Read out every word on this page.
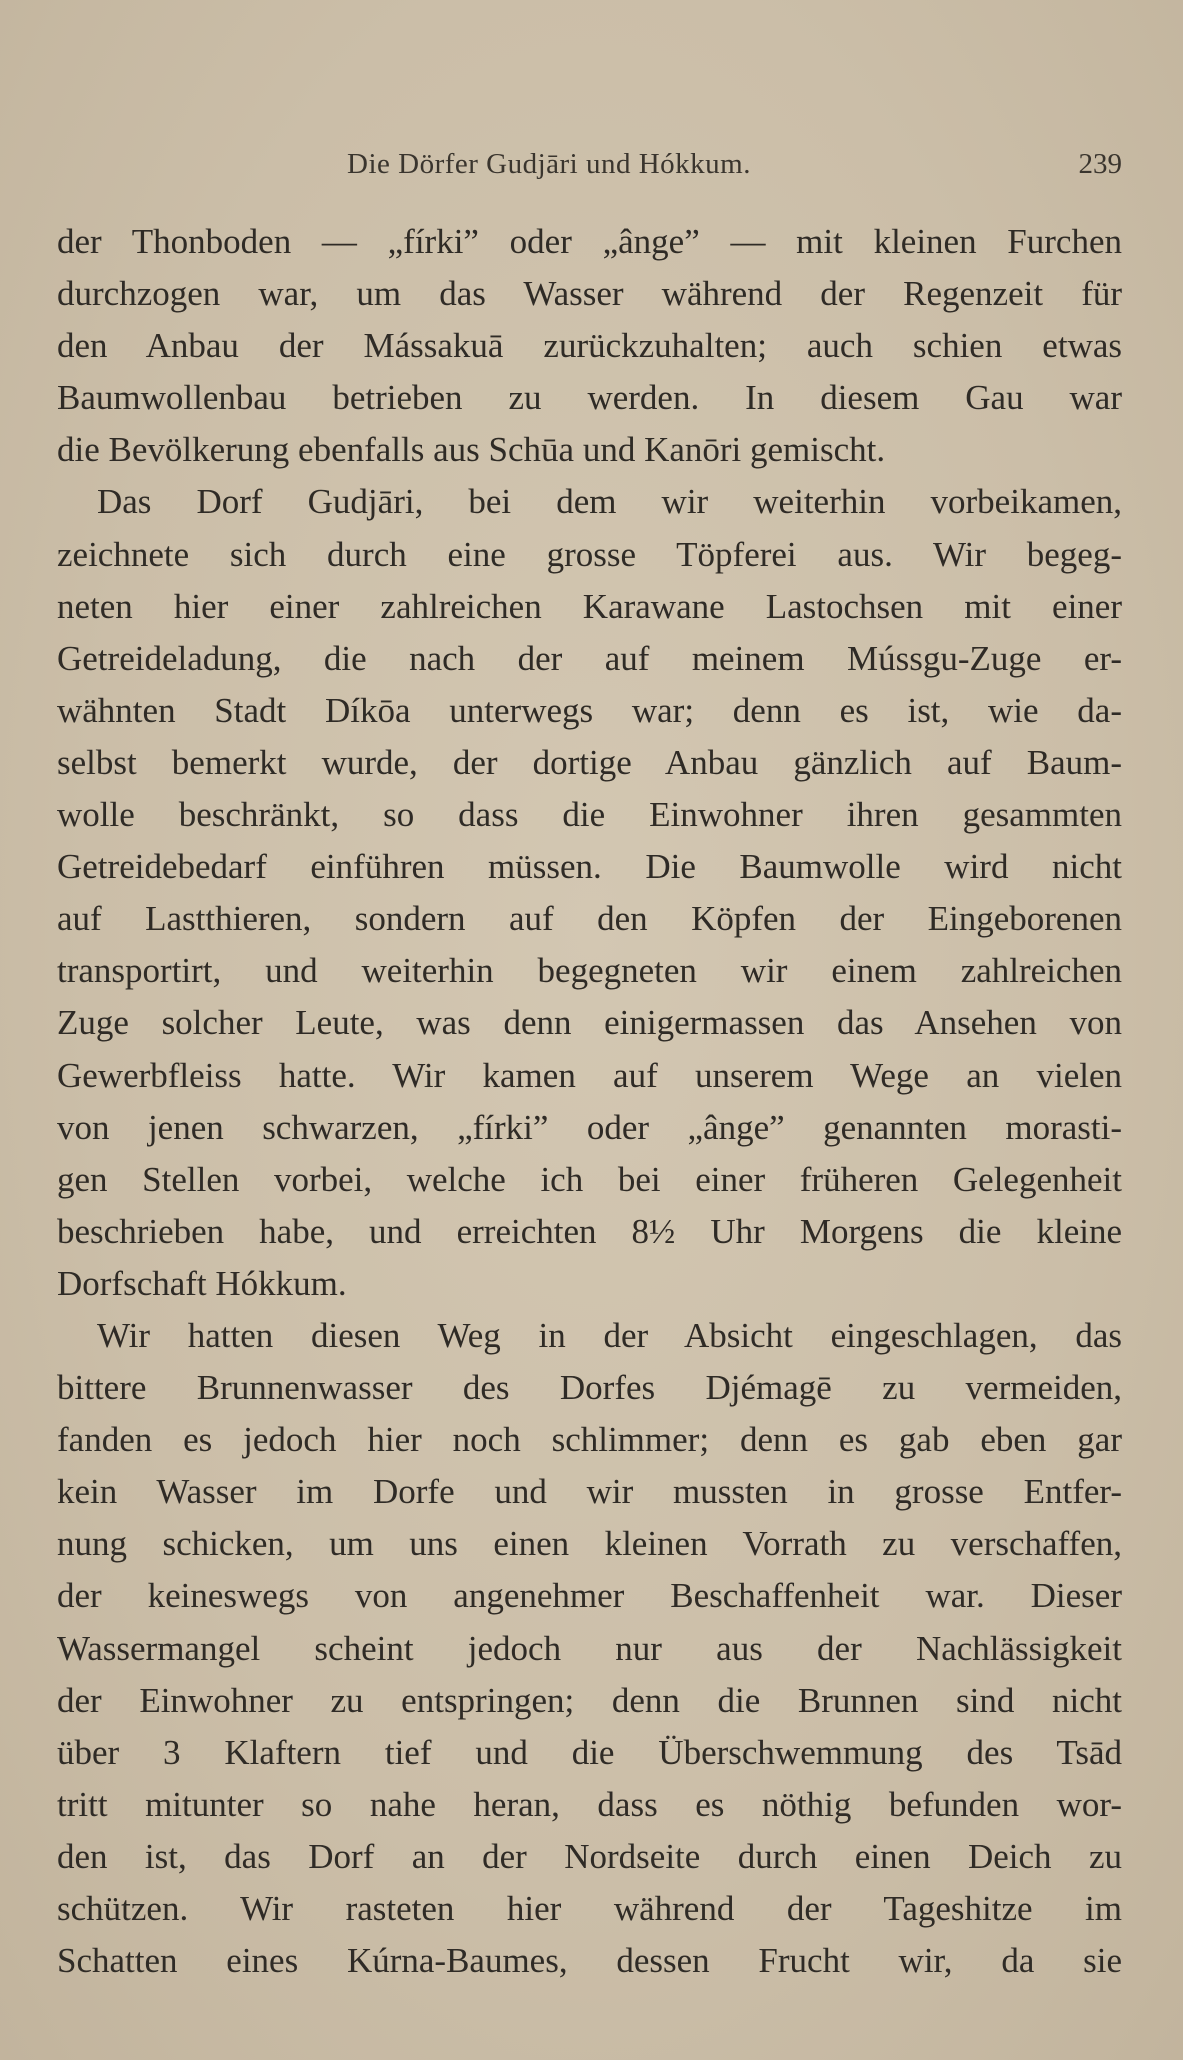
Die Dörfer Gudjāri und Hókkum.	239
der Thonboden — „fírki” oder „ânge” — mit kleinen Furchen
durchzogen war, um das Wasser während der Regenzeit für
den Anbau der Mássakuā zurückzuhalten; auch schien etwas
Baumwollenbau betrieben zu werden. In diesem Gau war
die Bevölkerung ebenfalls aus Schūa und Kanōri gemischt.
Das Dorf Gudjāri, bei dem wir weiterhin vorbeikamen,
zeichnete sich durch eine grosse Töpferei aus. Wir begeg-
neten hier einer zahlreichen Karawane Lastochsen mit einer
Getreideladung, die nach der auf meinem Mússgu-Zuge er-
wähnten Stadt Díkōa unterwegs war; denn es ist, wie da-
selbst bemerkt wurde, der dortige Anbau gänzlich auf Baum-
wolle beschränkt, so dass die Einwohner ihren gesammten
Getreidebedarf einführen müssen. Die Baumwolle wird nicht
auf Lastthieren, sondern auf den Köpfen der Eingeborenen
transportirt, und weiterhin begegneten wir einem zahlreichen
Zuge solcher Leute, was denn einigermassen das Ansehen von
Gewerbfleiss hatte. Wir kamen auf unserem Wege an vielen
von jenen schwarzen, „fírki” oder „ânge” genannten morasti-
gen Stellen vorbei, welche ich bei einer früheren Gelegenheit
beschrieben habe, und erreichten 8½ Uhr Morgens die kleine
Dorfschaft Hókkum.
Wir hatten diesen Weg in der Absicht eingeschlagen, das
bittere Brunnenwasser des Dorfes Djémagē zu vermeiden,
fanden es jedoch hier noch schlimmer; denn es gab eben gar
kein Wasser im Dorfe und wir mussten in grosse Entfer-
nung schicken, um uns einen kleinen Vorrath zu verschaffen,
der keineswegs von angenehmer Beschaffenheit war. Dieser
Wassermangel scheint jedoch nur aus der Nachlässigkeit
der Einwohner zu entspringen; denn die Brunnen sind nicht
über 3 Klaftern tief und die Überschwemmung des Tsād
tritt mitunter so nahe heran, dass es nöthig befunden wor-
den ist, das Dorf an der Nordseite durch einen Deich zu
schützen. Wir rasteten hier während der Tageshitze im
Schatten eines Kúrna-Baumes, dessen Frucht wir, da sie
